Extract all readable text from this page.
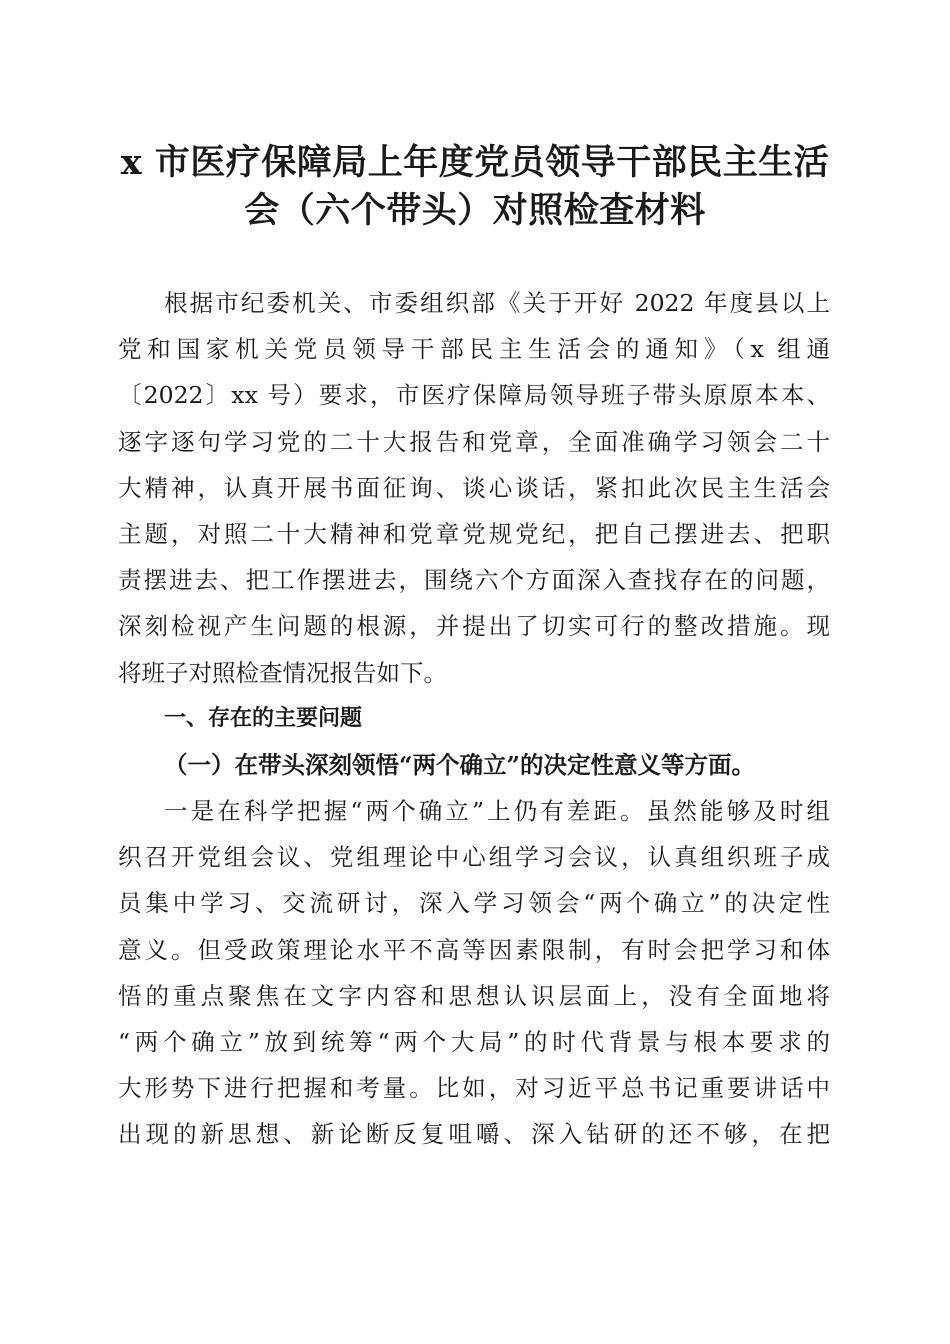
x 市医疗保障局上年度党员领导干部民主生活
会（六个带头）对照检查材料
根据市纪委机关、市委组织部《关于开好 2022 年度县以上
党和国家机关党员领导干部民主生活会的通知》（x 组通
〔2022〕xx 号）要求，市医疗保障局领导班子带头原原本本、
逐字逐句学习党的二十大报告和党章，全面准确学习领会二十
大精神，认真开展书面征询、谈心谈话，紧扣此次民主生活会
主题，对照二十大精神和党章党规党纪，把自己摆进去、把职
责摆进去、把工作摆进去，围绕六个方面深入查找存在的问题，
深刻检视产生问题的根源，并提出了切实可行的整改措施。现
将班子对照检查情况报告如下。
一、存在的主要问题
（一）在带头深刻领悟“两个确立”的决定性意义等方面。
一是在科学把握“两个确立”上仍有差距。虽然能够及时组
织召开党组会议、党组理论中心组学习会议，认真组织班子成
员集中学习、交流研讨，深入学习领会“两个确立”的决定性
意义。但受政策理论水平不高等因素限制，有时会把学习和体
悟的重点聚焦在文字内容和思想认识层面上，没有全面地将
“两个确立”放到统筹“两个大局”的时代背景与根本要求的
大形势下进行把握和考量。比如，对习近平总书记重要讲话中
出现的新思想、新论断反复咀嚼、深入钻研的还不够，在把
